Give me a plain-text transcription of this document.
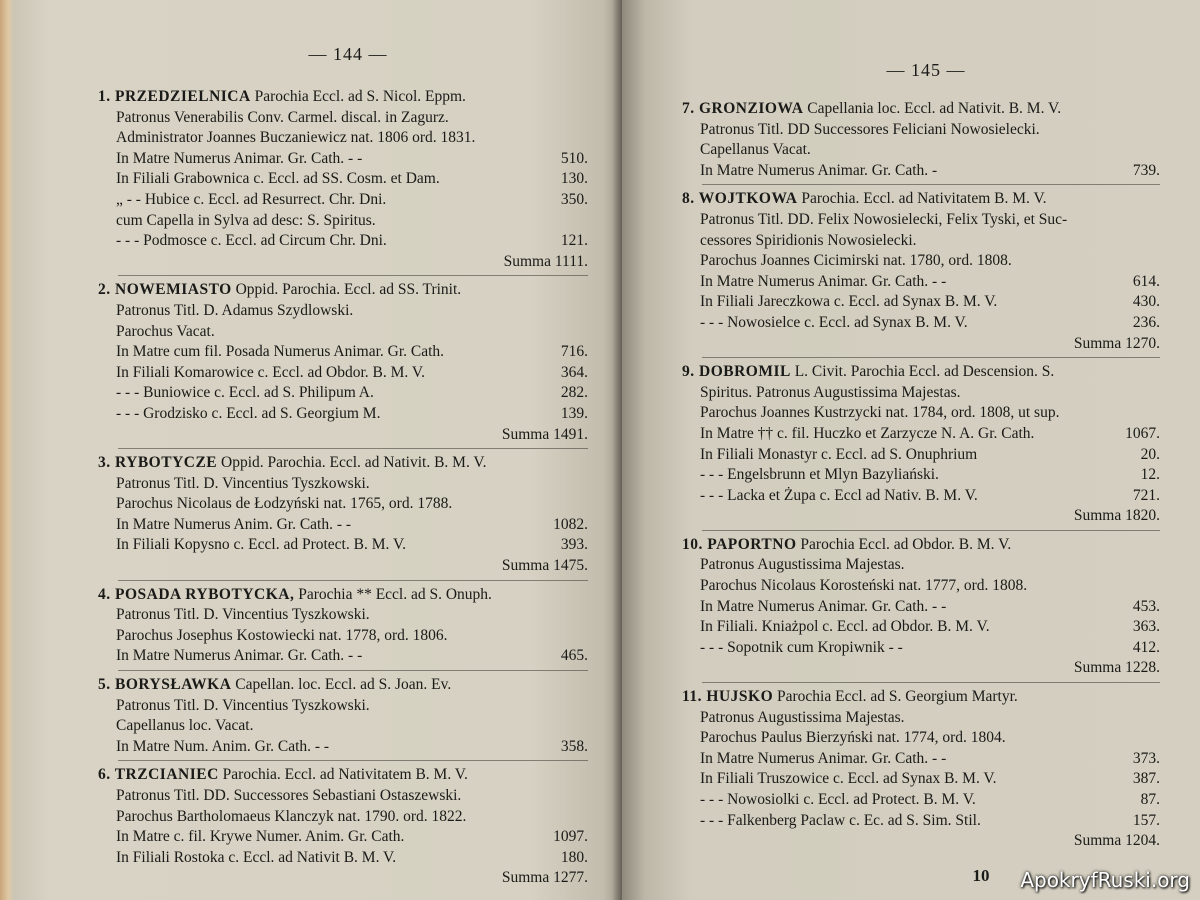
— 144 —
1. PRZEDZIELNICA Parochia Eccl. ad S. Nicol. Eppm.
Patronus Venerabilis Conv. Carmel. discal. in Zagurz.
Administrator Joannes Buczaniewicz nat. 1806 ord. 1831.
In Matre Numerus Animar. Gr. Cath. - -	510.
In Filiali Grabownica c. Eccl. ad SS. Cosm. et Dam.	130.
„ - - Hubice c. Eccl. ad Resurrect. Chr. Dni.	350.
cum Capella in Sylva ad desc: S. Spiritus.
- - - Podmosce c. Eccl. ad Circum Chr. Dni.	121.
Summa 1111.
2. NOWEMIASTO Oppid. Parochia. Eccl. ad SS. Trinit.
Patronus Titl. D. Adamus Szydlowski.
Parochus Vacat.
In Matre cum fil. Posada Numerus Animar. Gr. Cath.	716.
In Filiali Komarowice c. Eccl. ad Obdor. B. M. V.	364.
- - - Buniowice c. Eccl. ad S. Philipum A.	282.
- - - Grodzisko c. Eccl. ad S. Georgium M.	139.
Summa 1491.
3. RYBOTYCZE Oppid. Parochia. Eccl. ad Nativit. B. M. V.
Patronus Titl. D. Vincentius Tyszkowski.
Parochus Nicolaus de Łodzyński nat. 1765, ord. 1788.
In Matre Numerus Anim. Gr. Cath. - -	1082.
In Filiali Kopysno c. Eccl. ad Protect. B. M. V.	393.
Summa 1475.
4. POSADA RYBOTYCKA, Parochia ** Eccl. ad S. Onuph.
Patronus Titl. D. Vincentius Tyszkowski.
Parochus Josephus Kostowiecki nat. 1778, ord. 1806.
In Matre Numerus Animar. Gr. Cath. - -	465.
5. BORYSŁAWKA Capellan. loc. Eccl. ad S. Joan. Ev.
Patronus Titl. D. Vincentius Tyszkowski.
Capellanus loc. Vacat.
In Matre Num. Anim. Gr. Cath. - -	358.
6. TRZCIANIEC Parochia. Eccl. ad Nativitatem B. M. V.
Patronus Titl. DD. Successores Sebastiani Ostaszewski.
Parochus Bartholomaeus Klanczyk nat. 1790. ord. 1822.
In Matre c. fil. Krywe Numer. Anim. Gr. Cath.	1097.
In Filiali Rostoka c. Eccl. ad Nativit B. M. V.	180.
Summa 1277.
— 145 —
7. GRONZIOWA Capellania loc. Eccl. ad Nativit. B. M. V.
Patronus Titl. DD Successores Feliciani Nowosielecki.
Capellanus Vacat.
In Matre Numerus Animar. Gr. Cath. -	739.
8. WOJTKOWA Parochia. Eccl. ad Nativitatem B. M. V.
Patronus Titl. DD. Felix Nowosielecki, Felix Tyski, et Suc-
cessores Spiridionis Nowosielecki.
Parochus Joannes Cicimirski nat. 1780, ord. 1808.
In Matre Numerus Animar. Gr. Cath. - -	614.
In Filiali Jareczkowa c. Eccl. ad Synax B. M. V.	430.
- - - Nowosielce c. Eccl. ad Synax B. M. V.	236.
Summa 1270.
9. DOBROMIL L. Civit. Parochia Eccl. ad Descension. S.
Spiritus. Patronus Augustissima Majestas.
Parochus Joannes Kustrzycki nat. 1784, ord. 1808, ut sup.
In Matre †† c. fil. Huczko et Zarzycze N. A. Gr. Cath.	1067.
In Filiali Monastyr c. Eccl. ad S. Onuphrium	20.
- - - Engelsbrunn et Mlyn Bazyliański.	12.
- - - Lacka et Żupa c. Eccl ad Nativ. B. M. V.	721.
Summa 1820.
10. PAPORTNO Parochia Eccl. ad Obdor. B. M. V.
Patronus Augustissima Majestas.
Parochus Nicolaus Korosteński nat. 1777, ord. 1808.
In Matre Numerus Animar. Gr. Cath. - -	453.
In Filiali. Kniażpol c. Eccl. ad Obdor. B. M. V.	363.
- - - Sopotnik cum Kropiwnik - -	412.
Summa 1228.
11. HUJSKO Parochia Eccl. ad S. Georgium Martyr.
Patronus Augustissima Majestas.
Parochus Paulus Bierzyński nat. 1774, ord. 1804.
In Matre Numerus Animar. Gr. Cath. - -	373.
In Filiali Truszowice c. Eccl. ad Synax B. M. V.	387.
- - - Nowosiolki c. Eccl. ad Protect. B. M. V.	87.
- - - Falkenberg Paclaw c. Ec. ad S. Sim. Stil.	157.
Summa 1204.
10	ApokryfRuski.org
